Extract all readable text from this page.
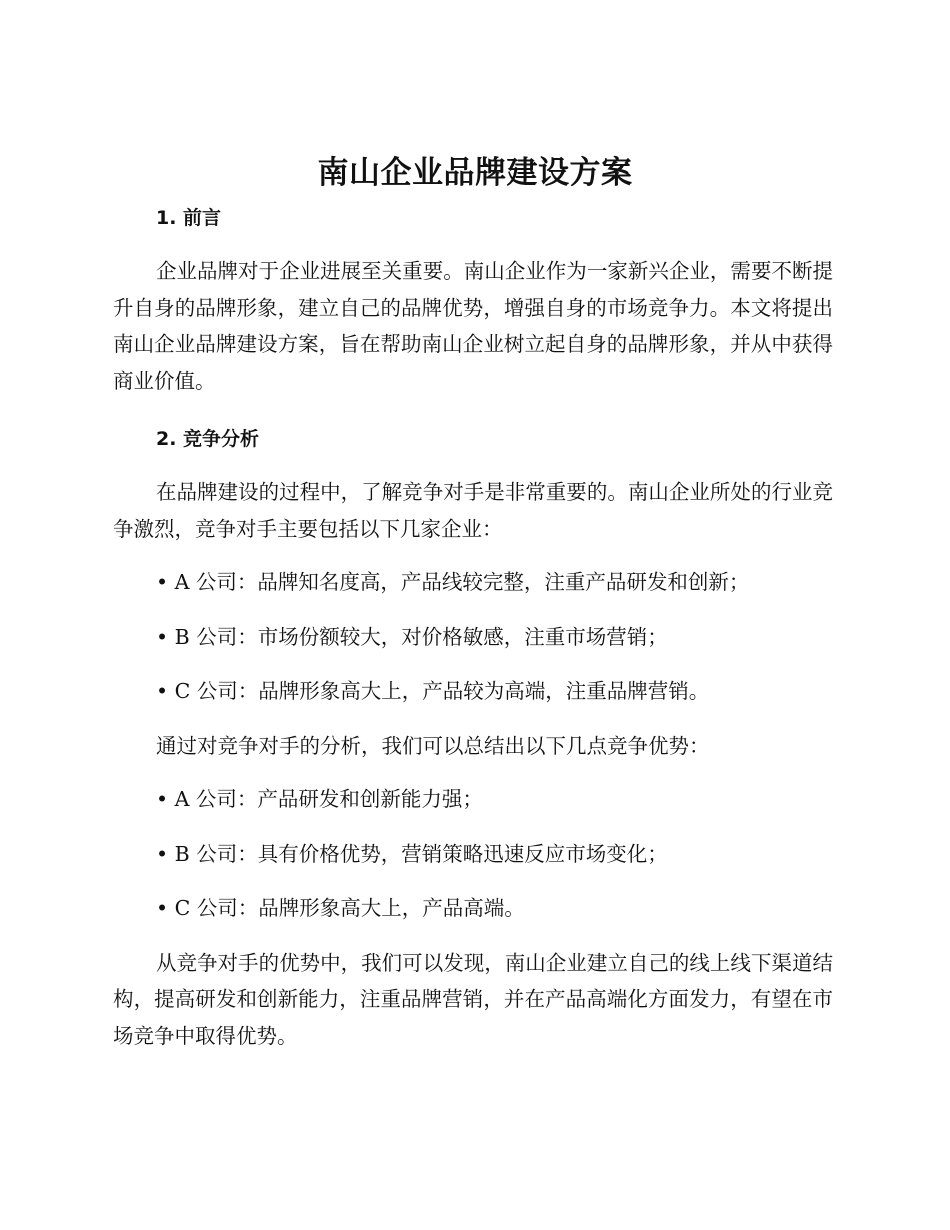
南山企业品牌建设方案
1. 前言

企业品牌对于企业进展至关重要。南山企业作为一家新兴企业，需要不断提升自身的品牌形象，建立自己的品牌优势，增强自身的市场竞争力。本文将提出南山企业品牌建设方案，旨在帮助南山企业树立起自身的品牌形象，并从中获得商业价值。

2. 竞争分析

在品牌建设的过程中，了解竞争对手是非常重要的。南山企业所处的行业竞争激烈，竞争对手主要包括以下几家企业：

• A 公司：品牌知名度高，产品线较完整，注重产品研发和创新；
• B 公司：市场份额较大，对价格敏感，注重市场营销；
• C 公司：品牌形象高大上，产品较为高端，注重品牌营销。

通过对竞争对手的分析，我们可以总结出以下几点竞争优势：

• A 公司：产品研发和创新能力强；
• B 公司：具有价格优势，营销策略迅速反应市场变化；
• C 公司：品牌形象高大上，产品高端。

从竞争对手的优势中，我们可以发现，南山企业建立自己的线上线下渠道结构，提高研发和创新能力，注重品牌营销，并在产品高端化方面发力，有望在市场竞争中取得优势。
